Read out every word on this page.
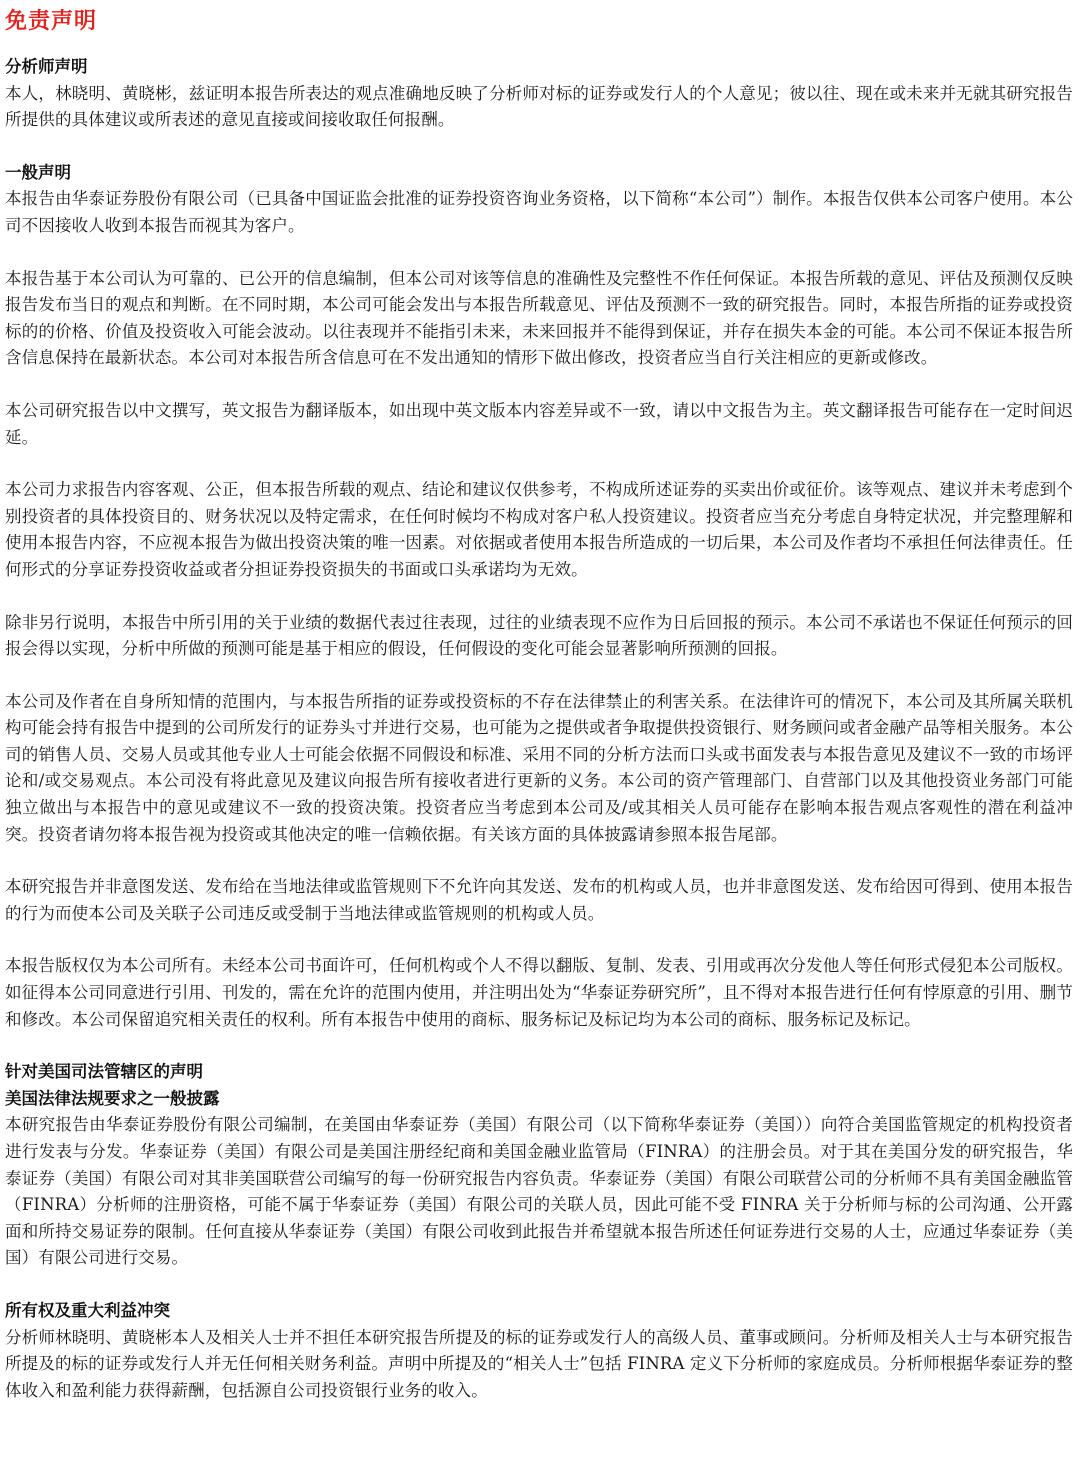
免责声明
分析师声明

本人，林晓明、黄晓彬，兹证明本报告所表达的观点准确地反映了分析师对标的证券或发行人的个人意见；彼以往、现在或未来并无就其研究报告所提供的具体建议或所表述的意见直接或间接收取任何报酬。

一般声明

本报告由华泰证券股份有限公司（已具备中国证监会批准的证券投资咨询业务资格，以下简称“本公司”）制作。本报告仅供本公司客户使用。本公司不因接收人收到本报告而视其为客户。

本报告基于本公司认为可靠的、已公开的信息编制，但本公司对该等信息的准确性及完整性不作任何保证。本报告所载的意见、评估及预测仅反映报告发布当日的观点和判断。在不同时期，本公司可能会发出与本报告所载意见、评估及预测不一致的研究报告。同时，本报告所指的证券或投资标的的价格、价值及投资收入可能会波动。以往表现并不能指引未来，未来回报并不能得到保证，并存在损失本金的可能。本公司不保证本报告所含信息保持在最新状态。本公司对本报告所含信息可在不发出通知的情形下做出修改，投资者应当自行关注相应的更新或修改。

本公司研究报告以中文撰写，英文报告为翻译版本，如出现中英文版本内容差异或不一致，请以中文报告为主。英文翻译报告可能存在一定时间迟延。

本公司力求报告内容客观、公正，但本报告所载的观点、结论和建议仅供参考，不构成所述证券的买卖出价或征价。该等观点、建议并未考虑到个别投资者的具体投资目的、财务状况以及特定需求，在任何时候均不构成对客户私人投资建议。投资者应当充分考虑自身特定状况，并完整理解和使用本报告内容，不应视本报告为做出投资决策的唯一因素。对依据或者使用本报告所造成的一切后果，本公司及作者均不承担任何法律责任。任何形式的分享证券投资收益或者分担证券投资损失的书面或口头承诺均为无效。

除非另行说明，本报告中所引用的关于业绩的数据代表过往表现，过往的业绩表现不应作为日后回报的预示。本公司不承诺也不保证任何预示的回报会得以实现，分析中所做的预测可能是基于相应的假设，任何假设的变化可能会显著影响所预测的回报。

本公司及作者在自身所知情的范围内，与本报告所指的证券或投资标的不存在法律禁止的利害关系。在法律许可的情况下，本公司及其所属关联机构可能会持有报告中提到的公司所发行的证券头寸并进行交易，也可能为之提供或者争取提供投资银行、财务顾问或者金融产品等相关服务。本公司的销售人员、交易人员或其他专业人士可能会依据不同假设和标准、采用不同的分析方法而口头或书面发表与本报告意见及建议不一致的市场评论和/或交易观点。本公司没有将此意见及建议向报告所有接收者进行更新的义务。本公司的资产管理部门、自营部门以及其他投资业务部门可能独立做出与本报告中的意见或建议不一致的投资决策。投资者应当考虑到本公司及/或其相关人员可能存在影响本报告观点客观性的潜在利益冲突。投资者请勿将本报告视为投资或其他决定的唯一信赖依据。有关该方面的具体披露请参照本报告尾部。

本研究报告并非意图发送、发布给在当地法律或监管规则下不允许向其发送、发布的机构或人员，也并非意图发送、发布给因可得到、使用本报告的行为而使本公司及关联子公司违反或受制于当地法律或监管规则的机构或人员。

本报告版权仅为本公司所有。未经本公司书面许可，任何机构或个人不得以翻版、复制、发表、引用或再次分发他人等任何形式侵犯本公司版权。如征得本公司同意进行引用、刊发的，需在允许的范围内使用，并注明出处为“华泰证券研究所”，且不得对本报告进行任何有悖原意的引用、删节和修改。本公司保留追究相关责任的权利。所有本报告中使用的商标、服务标记及标记均为本公司的商标、服务标记及标记。

针对美国司法管辖区的声明
美国法律法规要求之一般披露

本研究报告由华泰证券股份有限公司编制，在美国由华泰证券（美国）有限公司（以下简称华泰证券（美国））向符合美国监管规定的机构投资者进行发表与分发。华泰证券（美国）有限公司是美国注册经纪商和美国金融业监管局（FINRA）的注册会员。对于其在美国分发的研究报告，华泰证券（美国）有限公司对其非美国联营公司编写的每一份研究报告内容负责。华泰证券（美国）有限公司联营公司的分析师不具有美国金融监管（FINRA）分析师的注册资格，可能不属于华泰证券（美国）有限公司的关联人员，因此可能不受 FINRA 关于分析师与标的公司沟通、公开露面和所持交易证券的限制。任何直接从华泰证券（美国）有限公司收到此报告并希望就本报告所述任何证券进行交易的人士，应通过华泰证券（美国）有限公司进行交易。

所有权及重大利益冲突

分析师林晓明、黄晓彬本人及相关人士并不担任本研究报告所提及的标的证券或发行人的高级人员、董事或顾问。分析师及相关人士与本研究报告所提及的标的证券或发行人并无任何相关财务利益。声明中所提及的“相关人士”包括 FINRA 定义下分析师的家庭成员。分析师根据华泰证券的整体收入和盈利能力获得薪酬，包括源自公司投资银行业务的收入。
